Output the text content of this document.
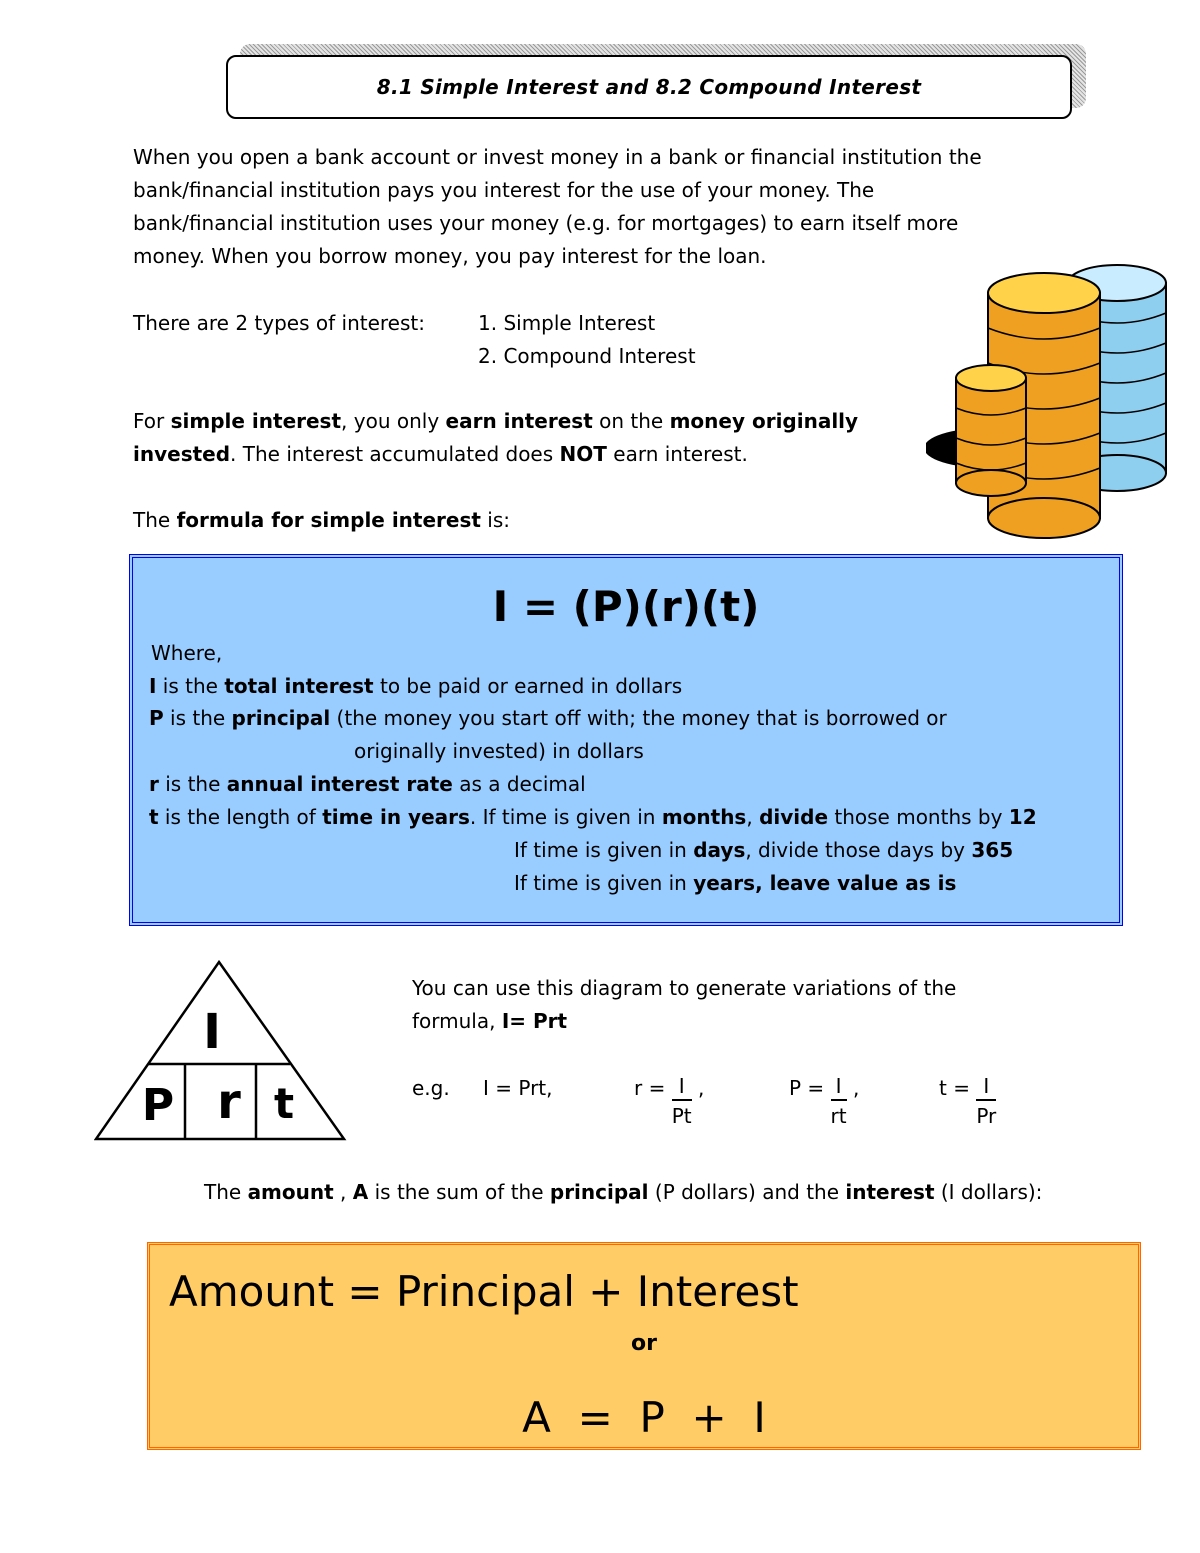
8.1 Simple Interest and 8.2 Compound Interest
When you open a bank account or invest money in a bank or financial institution the
bank/financial institution pays you interest for the use of your money. The
bank/financial institution uses your money (e.g. for mortgages) to earn itself more
money. When you borrow money, you pay interest for the loan.
There are 2 types of interest:	1. Simple Interest
2. Compound Interest
For simple interest, you only earn interest on the money originally
invested. The interest accumulated does NOT earn interest.
The formula for simple interest is:
I = (P)(r)(t)
Where,
I is the total interest to be paid or earned in dollars
P is the principal (the money you start off with; the money that is borrowed or
originally invested) in dollars
r is the annual interest rate as a decimal
t is the length of time in years. If time is given in months, divide those months by 12
If time is given in days, divide those days by 365
If time is given in years, leave value as is
I
P r t
You can use this diagram to generate variations of the
formula, I= Prt
e.g. I = Prt,	$r = \frac{I}{Pt}$ ,	$P = \frac{I}{rt}$ ,	$t = \frac{I}{Pr}$
The amount , A is the sum of the principal (P dollars) and the interest (I dollars):
Amount = Principal + Interest
or
A  =  P  +  I
